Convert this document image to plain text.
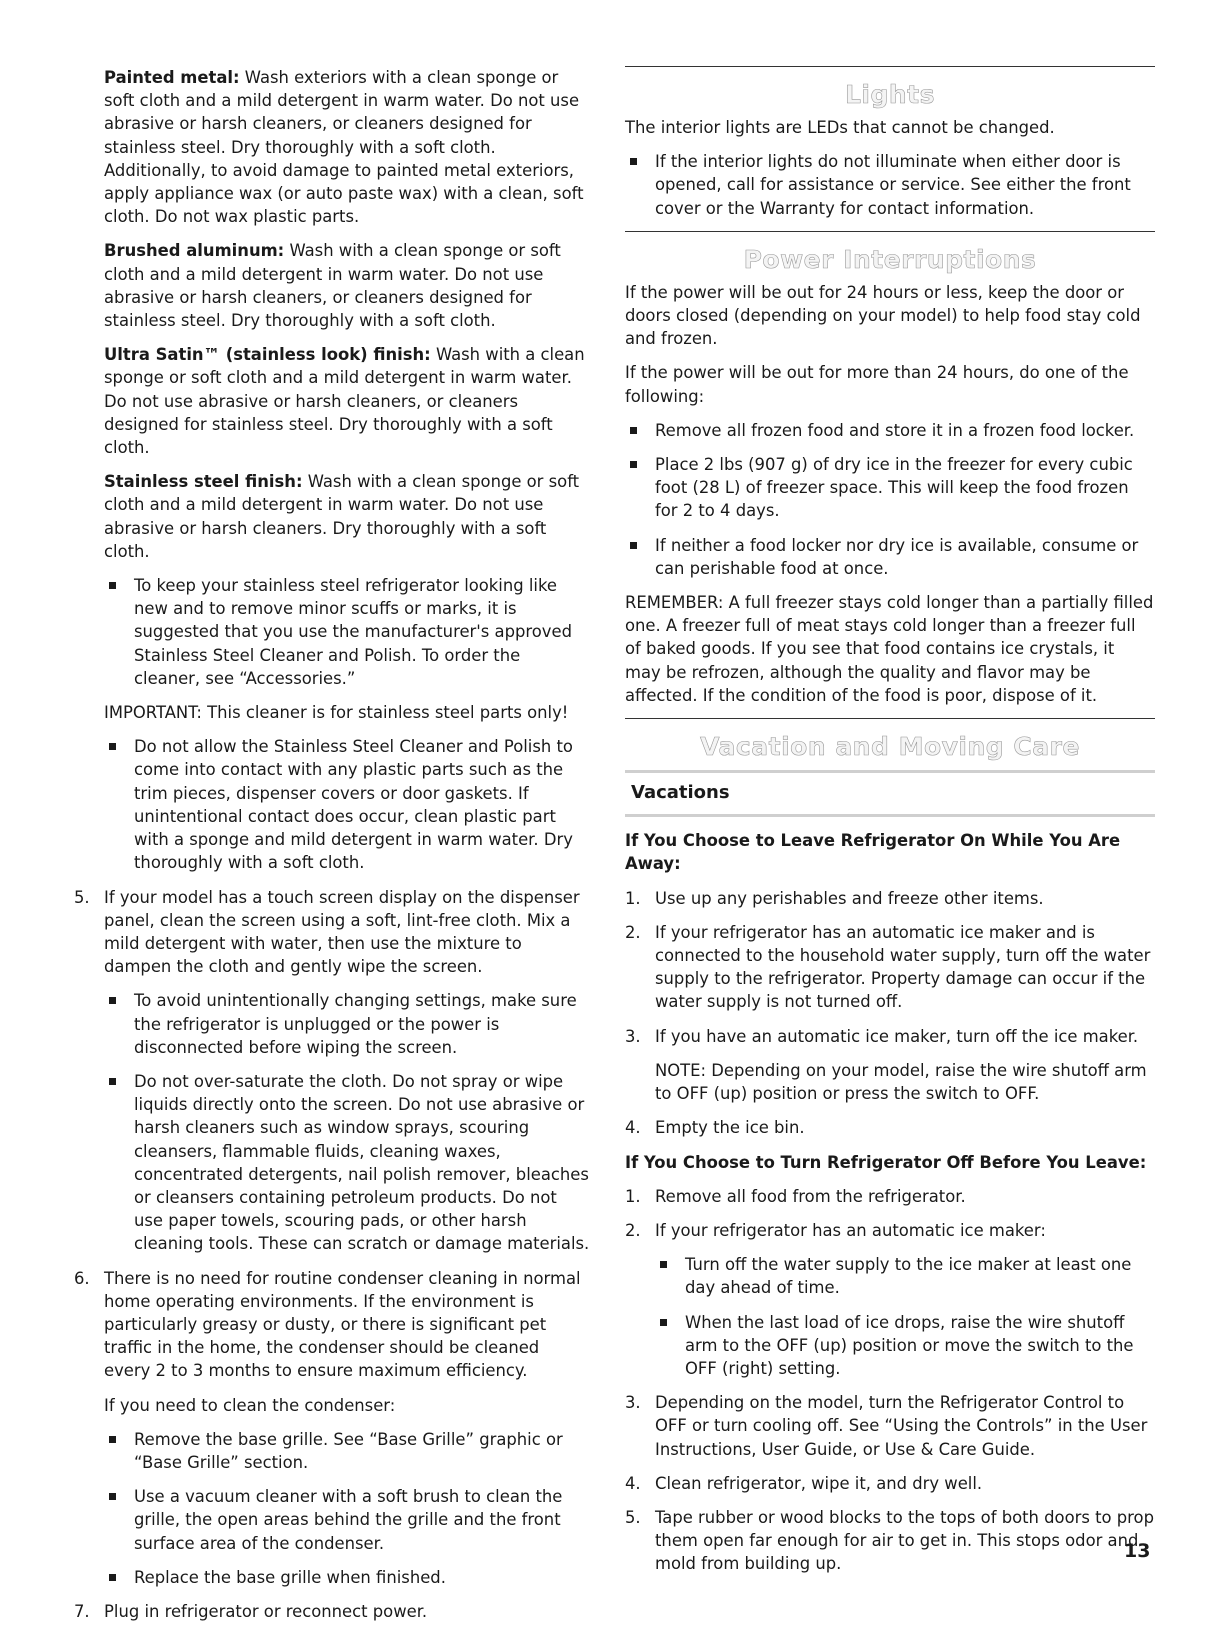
Painted metal: Wash exteriors with a clean sponge or soft cloth and a mild detergent in warm water. Do not use abrasive or harsh cleaners, or cleaners designed for stainless steel. Dry thoroughly with a soft cloth. Additionally, to avoid damage to painted metal exteriors, apply appliance wax (or auto paste wax) with a clean, soft cloth. Do not wax plastic parts.

Brushed aluminum: Wash with a clean sponge or soft cloth and a mild detergent in warm water. Do not use abrasive or harsh cleaners, or cleaners designed for stainless steel. Dry thoroughly with a soft cloth.

Ultra Satin™ (stainless look) finish: Wash with a clean sponge or soft cloth and a mild detergent in warm water. Do not use abrasive or harsh cleaners, or cleaners designed for stainless steel. Dry thoroughly with a soft cloth.

Stainless steel finish: Wash with a clean sponge or soft cloth and a mild detergent in warm water. Do not use abrasive or harsh cleaners. Dry thoroughly with a soft cloth.

To keep your stainless steel refrigerator looking like new and to remove minor scuffs or marks, it is suggested that you use the manufacturer's approved Stainless Steel Cleaner and Polish. To order the cleaner, see “Accessories.”

IMPORTANT: This cleaner is for stainless steel parts only!

Do not allow the Stainless Steel Cleaner and Polish to come into contact with any plastic parts such as the trim pieces, dispenser covers or door gaskets. If unintentional contact does occur, clean plastic part with a sponge and mild detergent in warm water. Dry thoroughly with a soft cloth.
5. If your model has a touch screen display on the dispenser panel, clean the screen using a soft, lint-free cloth. Mix a mild detergent with water, then use the mixture to dampen the cloth and gently wipe the screen.
To avoid unintentionally changing settings, make sure the refrigerator is unplugged or the power is disconnected before wiping the screen.
Do not over-saturate the cloth. Do not spray or wipe liquids directly onto the screen. Do not use abrasive or harsh cleaners such as window sprays, scouring cleansers, flammable fluids, cleaning waxes, concentrated detergents, nail polish remover, bleaches or cleansers containing petroleum products. Do not use paper towels, scouring pads, or other harsh cleaning tools. These can scratch or damage materials.
6. There is no need for routine condenser cleaning in normal home operating environments. If the environment is particularly greasy or dusty, or there is significant pet traffic in the home, the condenser should be cleaned every 2 to 3 months to ensure maximum efficiency.

If you need to clean the condenser:

Remove the base grille. See “Base Grille” graphic or “Base Grille” section.
Use a vacuum cleaner with a soft brush to clean the grille, the open areas behind the grille and the front surface area of the condenser.
Replace the base grille when finished.
7. Plug in refrigerator or reconnect power.
Lights

The interior lights are LEDs that cannot be changed.

If the interior lights do not illuminate when either door is opened, call for assistance or service. See either the front cover or the Warranty for contact information.
Power Interruptions

If the power will be out for 24 hours or less, keep the door or doors closed (depending on your model) to help food stay cold and frozen.

If the power will be out for more than 24 hours, do one of the following:

Remove all frozen food and store it in a frozen food locker.
Place 2 lbs (907 g) of dry ice in the freezer for every cubic foot (28 L) of freezer space. This will keep the food frozen for 2 to 4 days.
If neither a food locker nor dry ice is available, consume or can perishable food at once.

REMEMBER: A full freezer stays cold longer than a partially filled one. A freezer full of meat stays cold longer than a freezer full of baked goods. If you see that food contains ice crystals, it may be refrozen, although the quality and flavor may be affected. If the condition of the food is poor, dispose of it.

Vacation and Moving Care
Vacations

If You Choose to Leave Refrigerator On While You Are Away:

1. Use up any perishables and freeze other items.
2. If your refrigerator has an automatic ice maker and is connected to the household water supply, turn off the water supply to the refrigerator. Property damage can occur if the water supply is not turned off.
3. If you have an automatic ice maker, turn off the ice maker.

NOTE: Depending on your model, raise the wire shutoff arm to OFF (up) position or press the switch to OFF.

4. Empty the ice bin.

If You Choose to Turn Refrigerator Off Before You Leave:

1. Remove all food from the refrigerator.
2. If your refrigerator has an automatic ice maker:
Turn off the water supply to the ice maker at least one day ahead of time.
When the last load of ice drops, raise the wire shutoff arm to the OFF (up) position or move the switch to the OFF (right) setting.
3. Depending on the model, turn the Refrigerator Control to OFF or turn cooling off. See “Using the Controls” in the User Instructions, User Guide, or Use & Care Guide.
4. Clean refrigerator, wipe it, and dry well.
5. Tape rubber or wood blocks to the tops of both doors to prop them open far enough for air to get in. This stops odor and mold from building up.
13
